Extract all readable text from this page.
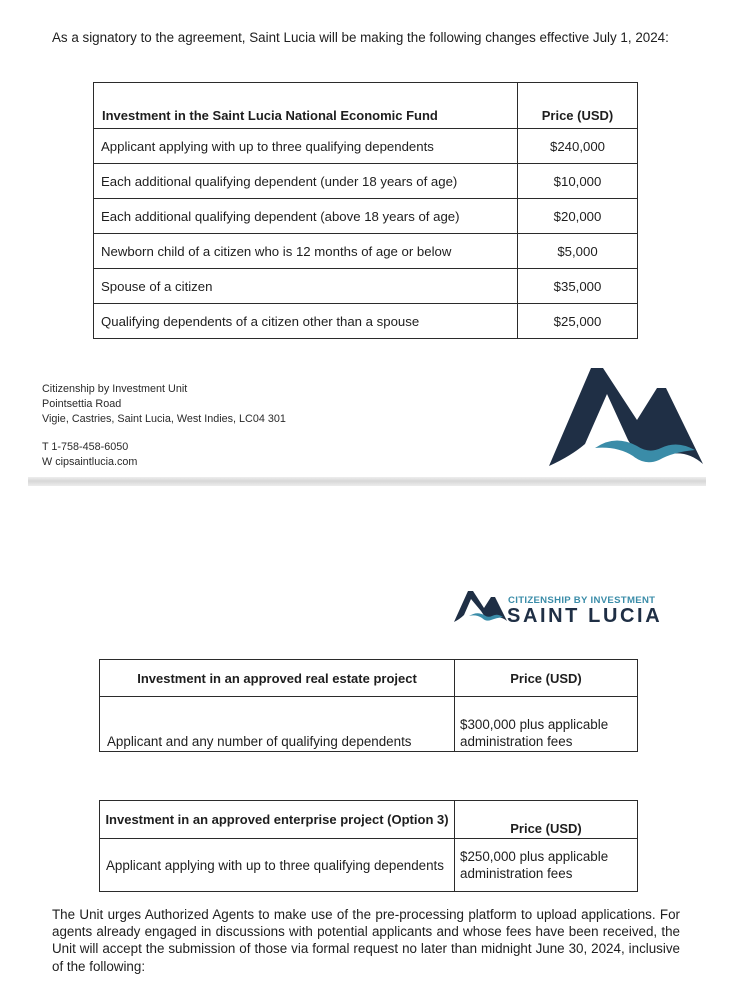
As a signatory to the agreement, Saint Lucia will be making the following changes effective July 1, 2024:
Investment in the Saint Lucia National Economic Fund	Price (USD)
Applicant applying with up to three qualifying dependents	$240,000
Each additional qualifying dependent (under 18 years of age)	$10,000
Each additional qualifying dependent (above 18 years of age)	$20,000
Newborn child of a citizen who is 12 months of age or below	$5,000
Spouse of a citizen	$35,000
Qualifying dependents of a citizen other than a spouse	$25,000
Citizenship by Investment Unit
Pointsettia Road
Vigie, Castries, Saint Lucia, West Indies, LC04 301
T 1-758-458-6050
W cipsaintlucia.com
CITIZENSHIP BY INVESTMENT
SAINT LUCIA
Investment in an approved real estate project	Price (USD)
Applicant and any number of qualifying dependents	$300,000 plus applicable administration fees
Investment in an approved enterprise project (Option 3)	Price (USD)
Applicant applying with up to three qualifying dependents	$250,000 plus applicable administration fees
The Unit urges Authorized Agents to make use of the pre-processing platform to upload applications. For agents already engaged in discussions with potential applicants and whose fees have been received, the Unit will accept the submission of those via formal request no later than midnight June 30, 2024, inclusive of the following:
